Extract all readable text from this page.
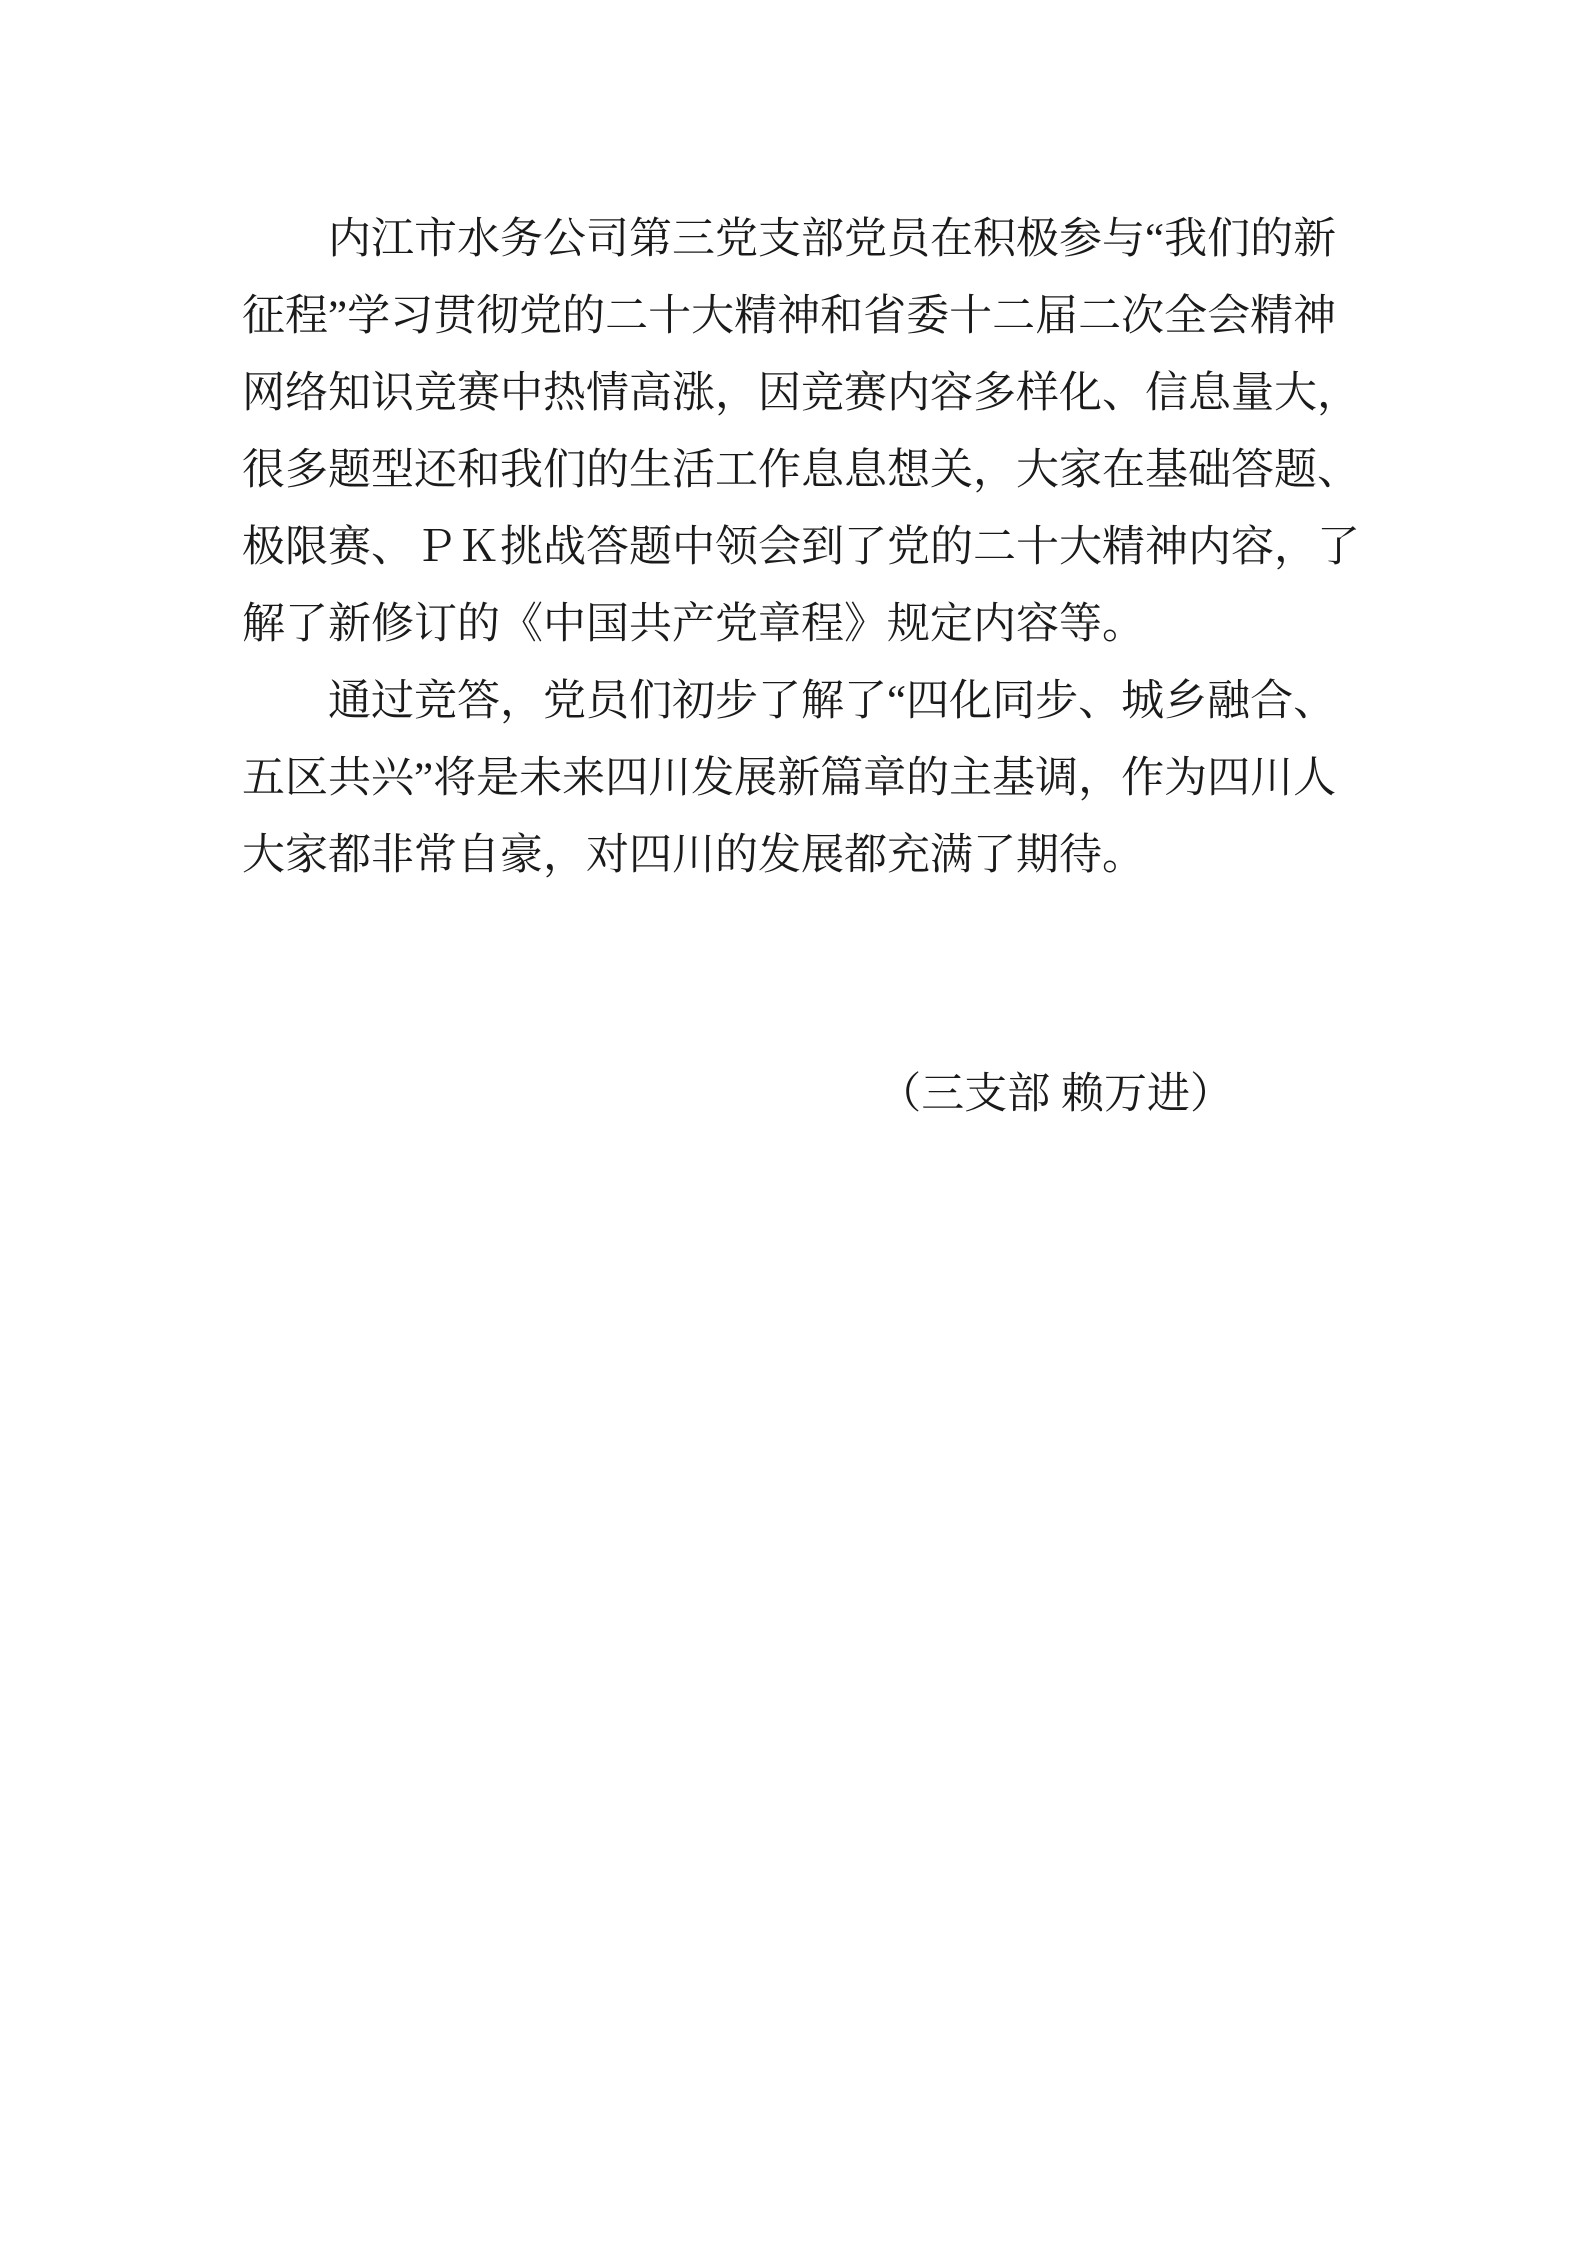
内江市水务公司第三党支部党员在积极参与“我们的新

征程”学习贯彻党的二十大精神和省委十二届二次全会精神

网络知识竞赛中热情高涨，因竞赛内容多样化、信息量大，

很多题型还和我们的生活工作息息想关，大家在基础答题、

极限赛、ＰＫ挑战答题中领会到了党的二十大精神内容，了

解了新修订的《中国共产党章程》规定内容等。

通过竞答，党员们初步了解了“四化同步、城乡融合、

五区共兴”将是未来四川发展新篇章的主基调，作为四川人

大家都非常自豪，对四川的发展都充满了期待。

（三支部 赖万进）
